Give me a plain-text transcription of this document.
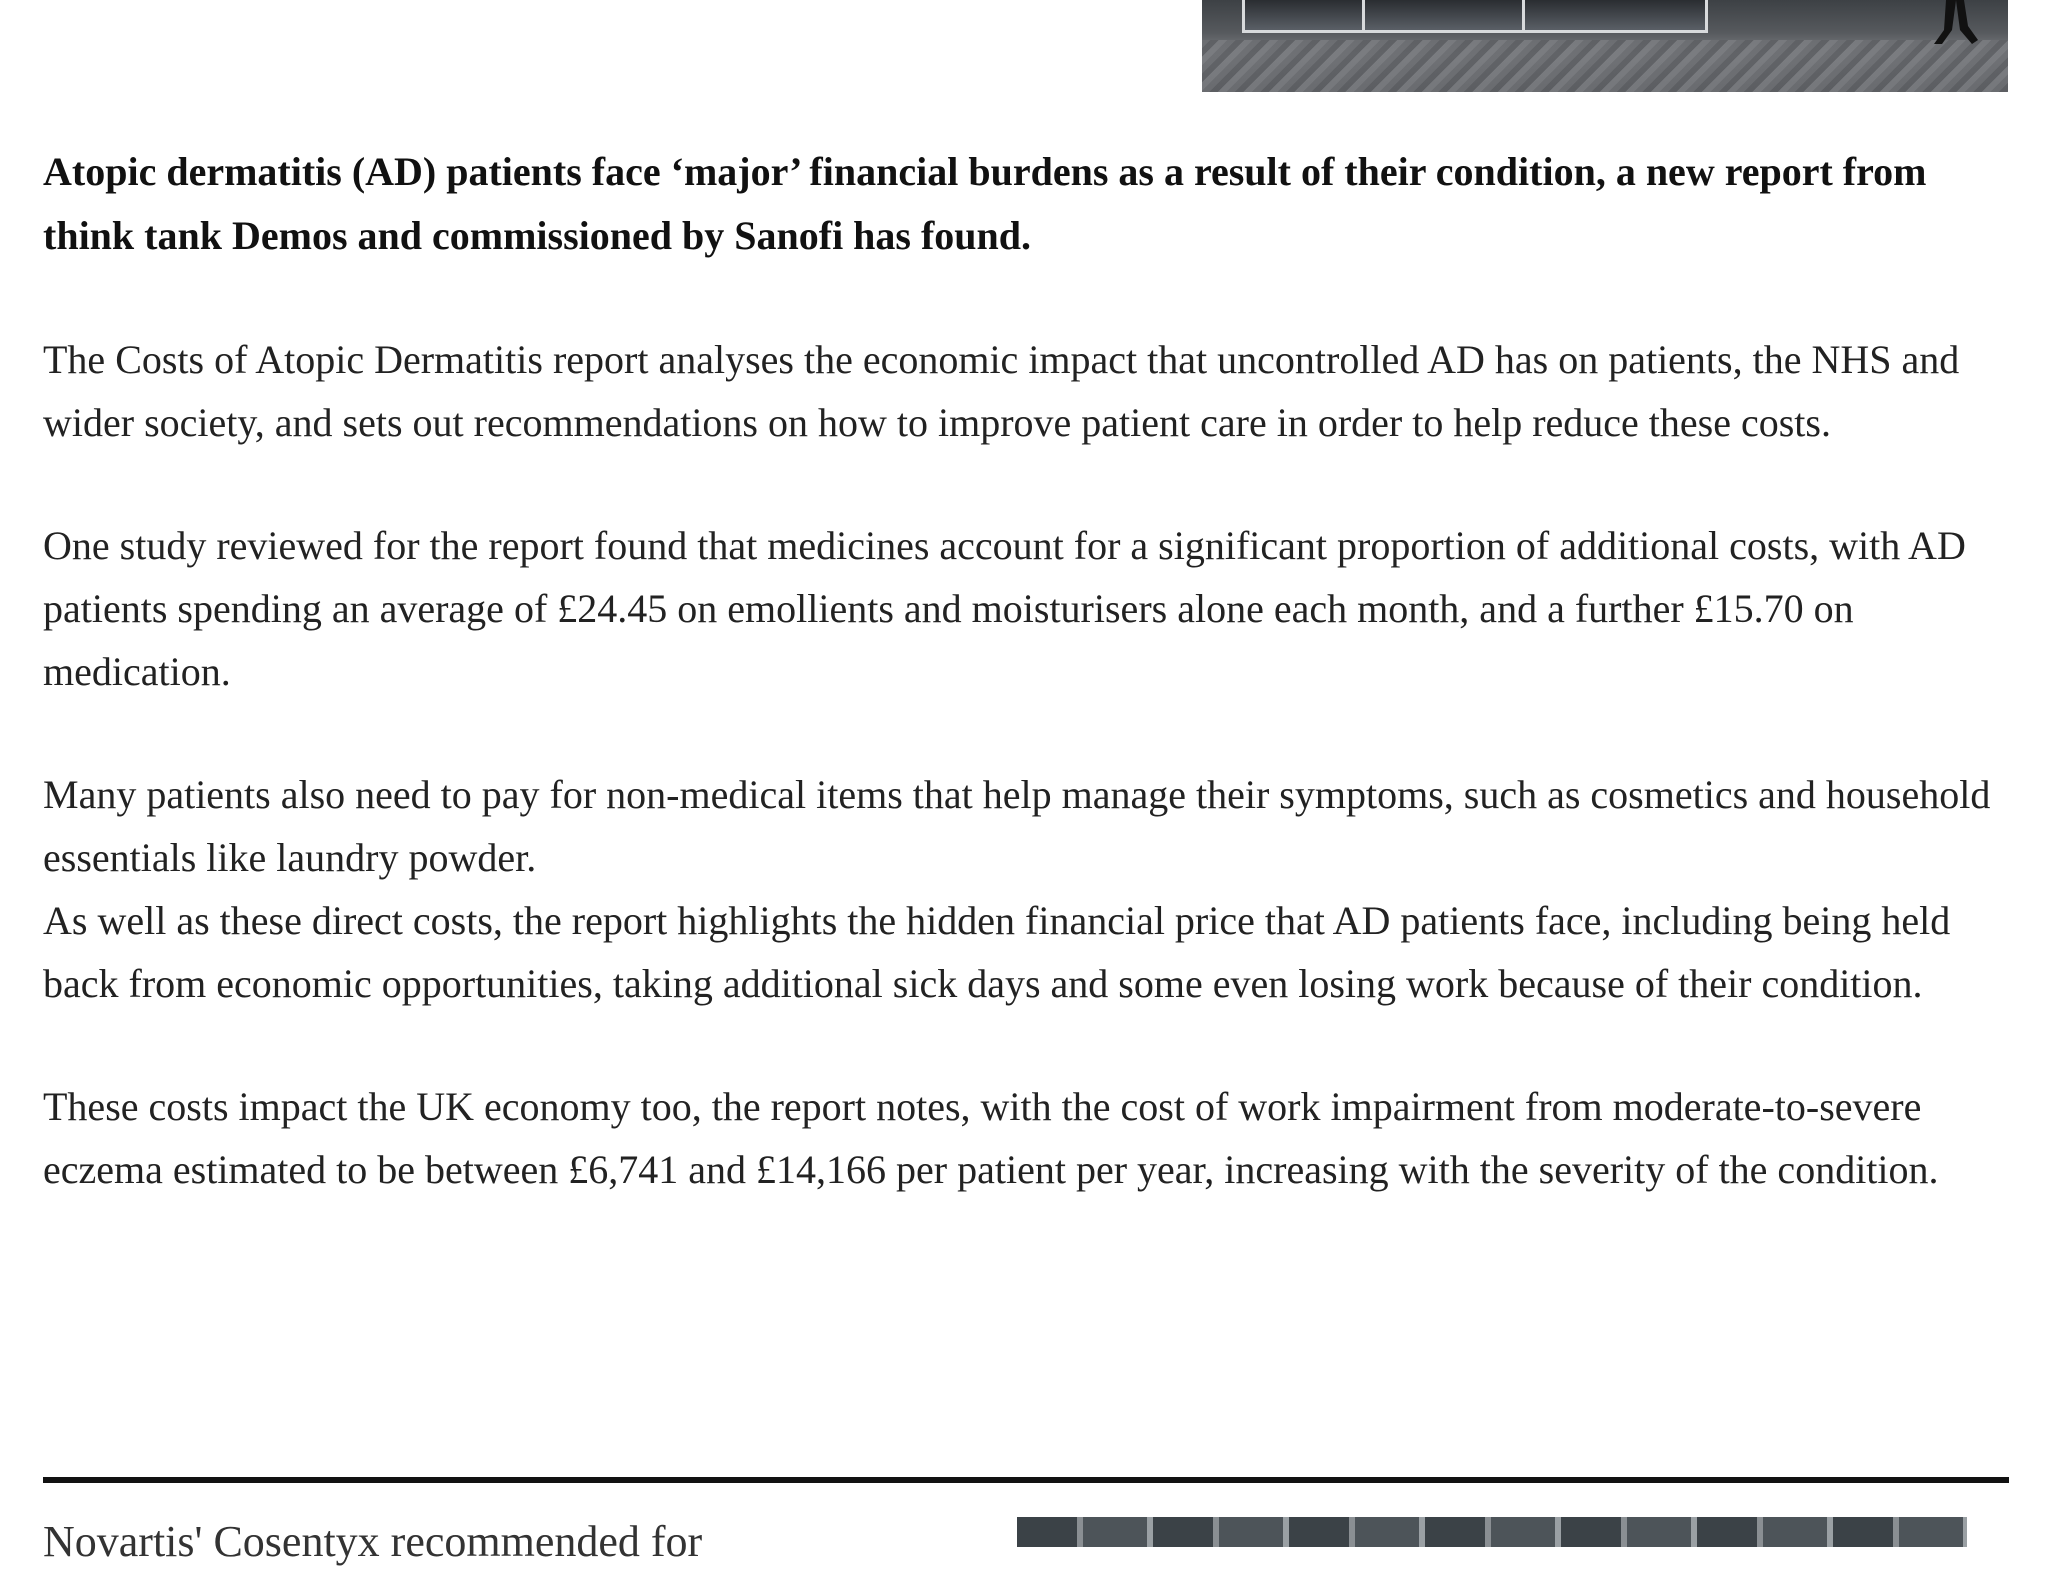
Atopic dermatitis (AD) patients face ‘major’ financial burdens as a result of their condition, a new report from think tank Demos and commissioned by Sanofi has found.

The Costs of Atopic Dermatitis report analyses the economic impact that uncontrolled AD has on patients, the NHS and wider society, and sets out recommendations on how to improve patient care in order to help reduce these costs.

One study reviewed for the report found that medicines account for a significant proportion of additional costs, with AD patients spending an average of £24.45 on emollients and moisturisers alone each month, and a further £15.70 on medication.

Many patients also need to pay for non-medical items that help manage their symptoms, such as cosmetics and household essentials like laundry powder.

As well as these direct costs, the report highlights the hidden financial price that AD patients face, including being held back from economic opportunities, taking additional sick days and some even losing work because of their condition.

These costs impact the UK economy too, the report notes, with the cost of work impairment from moderate-to-severe eczema estimated to be between £6,741 and £14,166 per patient per year, increasing with the severity of the condition.

Novartis' Cosentyx recommended for
